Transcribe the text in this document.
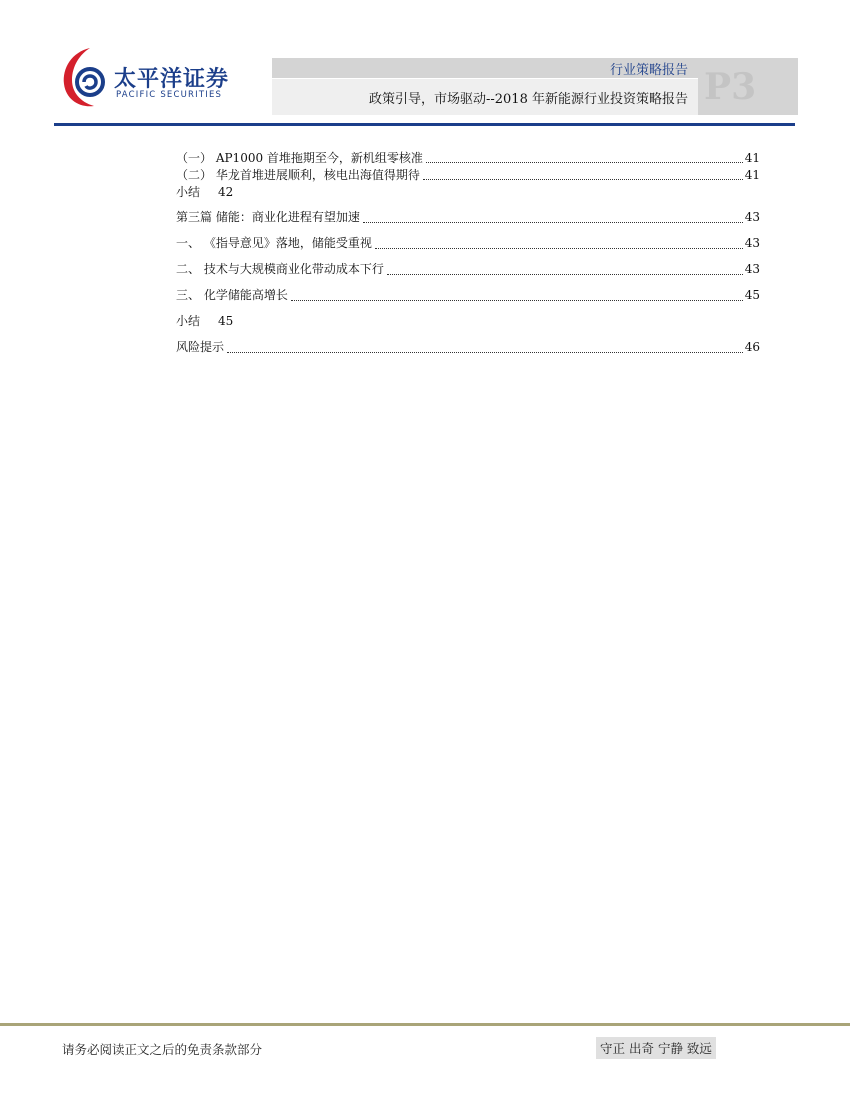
太平洋证券
PACIFIC SECURITIES
行业策略报告
政策引导，市场驱动--2018 年新能源行业投资策略报告 P3
（一） AP1000 首堆拖期至今，新机组零核准	41
（二） 华龙首堆进展顺利，核电出海值得期待	41
小结 42
第三篇 储能：商业化进程有望加速	43
一、 《指导意见》落地，储能受重视	43
二、 技术与大规模商业化带动成本下行	43
三、 化学储能高增长	45
小结 45
风险提示	46
请务必阅读正文之后的免责条款部分	守正 出奇 宁静 致远
